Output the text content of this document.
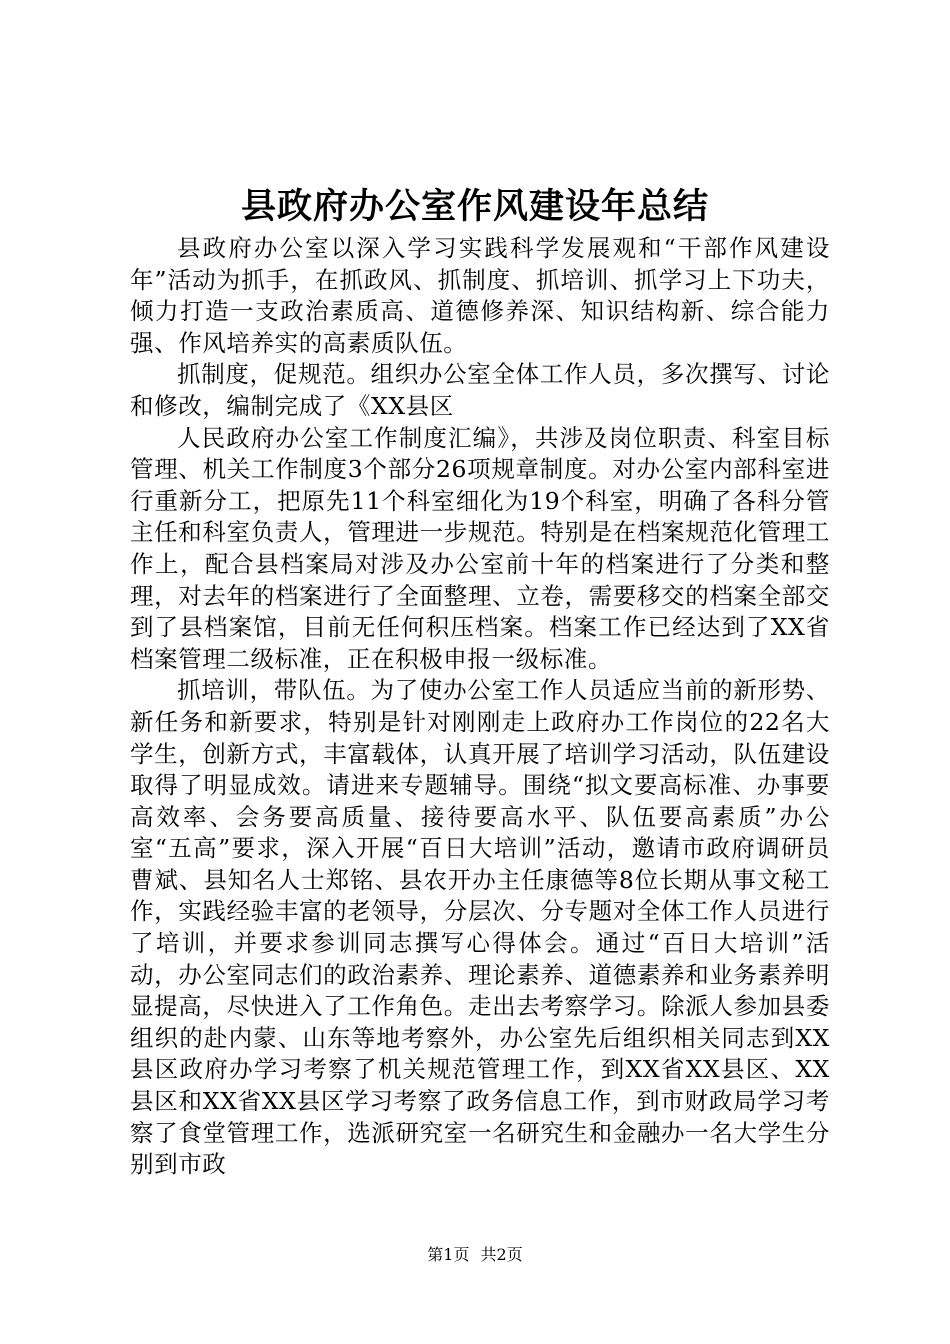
县政府办公室作风建设年总结

县政府办公室以深入学习实践科学发展观和“干部作风建设年”活动为抓手，在抓政风、抓制度、抓培训、抓学习上下功夫，倾力打造一支政治素质高、道德修养深、知识结构新、综合能力强、作风培养实的高素质队伍。

抓制度，促规范。组织办公室全体工作人员，多次撰写、讨论和修改，编制完成了《XX县区

人民政府办公室工作制度汇编》，共涉及岗位职责、科室目标管理、机关工作制度3个部分26项规章制度。对办公室内部科室进行重新分工，把原先11个科室细化为19个科室，明确了各科分管主任和科室负责人，管理进一步规范。特别是在档案规范化管理工作上，配合县档案局对涉及办公室前十年的档案进行了分类和整理，对去年的档案进行了全面整理、立卷，需要移交的档案全部交到了县档案馆，目前无任何积压档案。档案工作已经达到了XX省档案管理二级标准，正在积极申报一级标准。

抓培训，带队伍。为了使办公室工作人员适应当前的新形势、新任务和新要求，特别是针对刚刚走上政府办工作岗位的22名大学生，创新方式，丰富载体，认真开展了培训学习活动，队伍建设取得了明显成效。请进来专题辅导。围绕“拟文要高标准、办事要高效率、会务要高质量、接待要高水平、队伍要高素质”办公室“五高”要求，深入开展“百日大培训”活动，邀请市政府调研员曹斌、县知名人士郑铭、县农开办主任康德等8位长期从事文秘工作，实践经验丰富的老领导，分层次、分专题对全体工作人员进行了培训，并要求参训同志撰写心得体会。通过“百日大培训”活动，办公室同志们的政治素养、理论素养、道德素养和业务素养明显提高，尽快进入了工作角色。走出去考察学习。除派人参加县委组织的赴内蒙、山东等地考察外，办公室先后组织相关同志到XX县区政府办学习考察了机关规范管理工作，到XX省XX县区、XX县区和XX省XX县区学习考察了政务信息工作，到市财政局学习考察了食堂管理工作，选派研究室一名研究生和金融办一名大学生分别到市政

第1页 共2页
